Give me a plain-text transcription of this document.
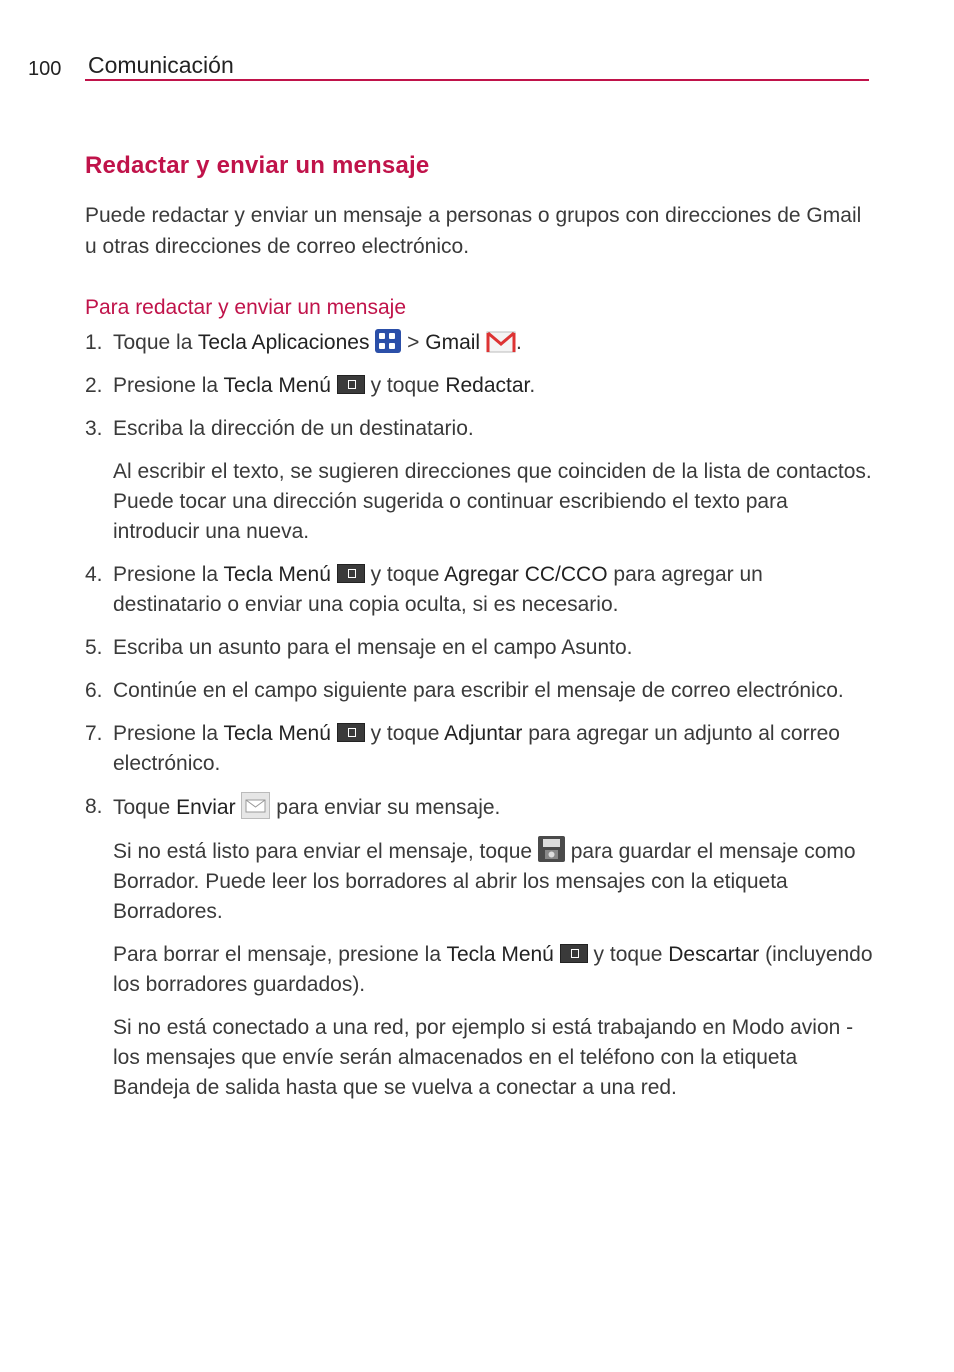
100 Comunicación
Redactar y enviar un mensaje

Puede redactar y enviar un mensaje a personas o grupos con direcciones de Gmail u otras direcciones de correo electrónico.

Para redactar y enviar un mensaje
1. Toque la Tecla Aplicaciones
> Gmail .
2. Presione la Tecla Menú  y toque Redactar.
3. Escriba la dirección de un destinatario.

Al escribir el texto, se sugieren direcciones que coinciden de la lista de contactos. Puede tocar una dirección sugerida o continuar escribiendo el texto para introducir una nueva.

4. Presione la Tecla Menú  y toque Agregar CC/CCO para agregar un destinatario o enviar una copia oculta, si es necesario.
5. Escriba un asunto para el mensaje en el campo Asunto.
6. Continúe en el campo siguiente para escribir el mensaje de correo electrónico.
7. Presione la Tecla Menú  y toque Adjuntar para agregar un adjunto al correo electrónico.
8. Toque Enviar  para enviar su mensaje.

Si no está listo para enviar el mensaje, toque  para guardar el mensaje como Borrador. Puede leer los borradores al abrir los mensajes con la etiqueta Borradores.

Para borrar el mensaje, presione la Tecla Menú  y toque Descartar (incluyendo los borradores guardados).

Si no está conectado a una red, por ejemplo si está trabajando en Modo avion - los mensajes que envíe serán almacenados en el teléfono con la etiqueta Bandeja de salida hasta que se vuelva a conectar a una red.
